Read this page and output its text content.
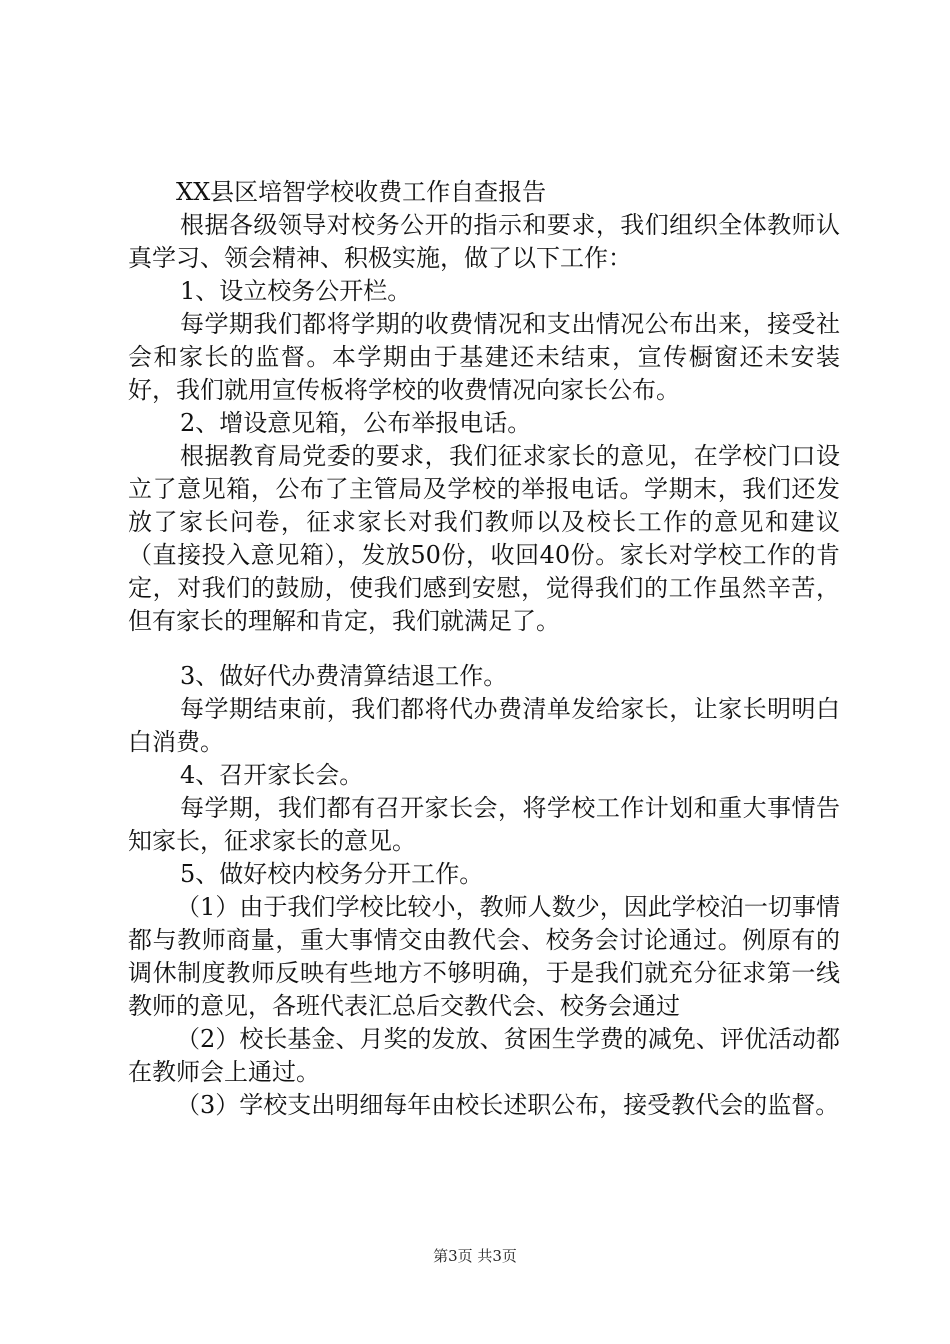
XX县区培智学校收费工作自查报告

根据各级领导对校务公开的指示和要求，我们组织全体教师认真学习、领会精神、积极实施，做了以下工作：

1、设立校务公开栏。

每学期我们都将学期的收费情况和支出情况公布出来，接受社会和家长的监督。本学期由于基建还未结束，宣传橱窗还未安装好，我们就用宣传板将学校的收费情况向家长公布。

2、增设意见箱，公布举报电话。

根据教育局党委的要求，我们征求家长的意见，在学校门口设立了意见箱，公布了主管局及学校的举报电话。学期末，我们还发放了家长问卷，征求家长对我们教师以及校长工作的意见和建议（直接投入意见箱），发放50份，收回40份。家长对学校工作的肯定，对我们的鼓励，使我们感到安慰，觉得我们的工作虽然辛苦，但有家长的理解和肯定，我们就满足了。

3、做好代办费清算结退工作。

每学期结束前，我们都将代办费清单发给家长，让家长明明白白消费。

4、召开家长会。

每学期，我们都有召开家长会，将学校工作计划和重大事情告知家长，征求家长的意见。

5、做好校内校务分开工作。

（1）由于我们学校比较小，教师人数少，因此学校泊一切事情都与教师商量，重大事情交由教代会、校务会讨论通过。例原有的调休制度教师反映有些地方不够明确，于是我们就充分征求第一线教师的意见，各班代表汇总后交教代会、校务会通过

（2）校长基金、月奖的发放、贫困生学费的减免、评优活动都在教师会上通过。

（3）学校支出明细每年由校长述职公布，接受教代会的监督。

第3页 共3页
